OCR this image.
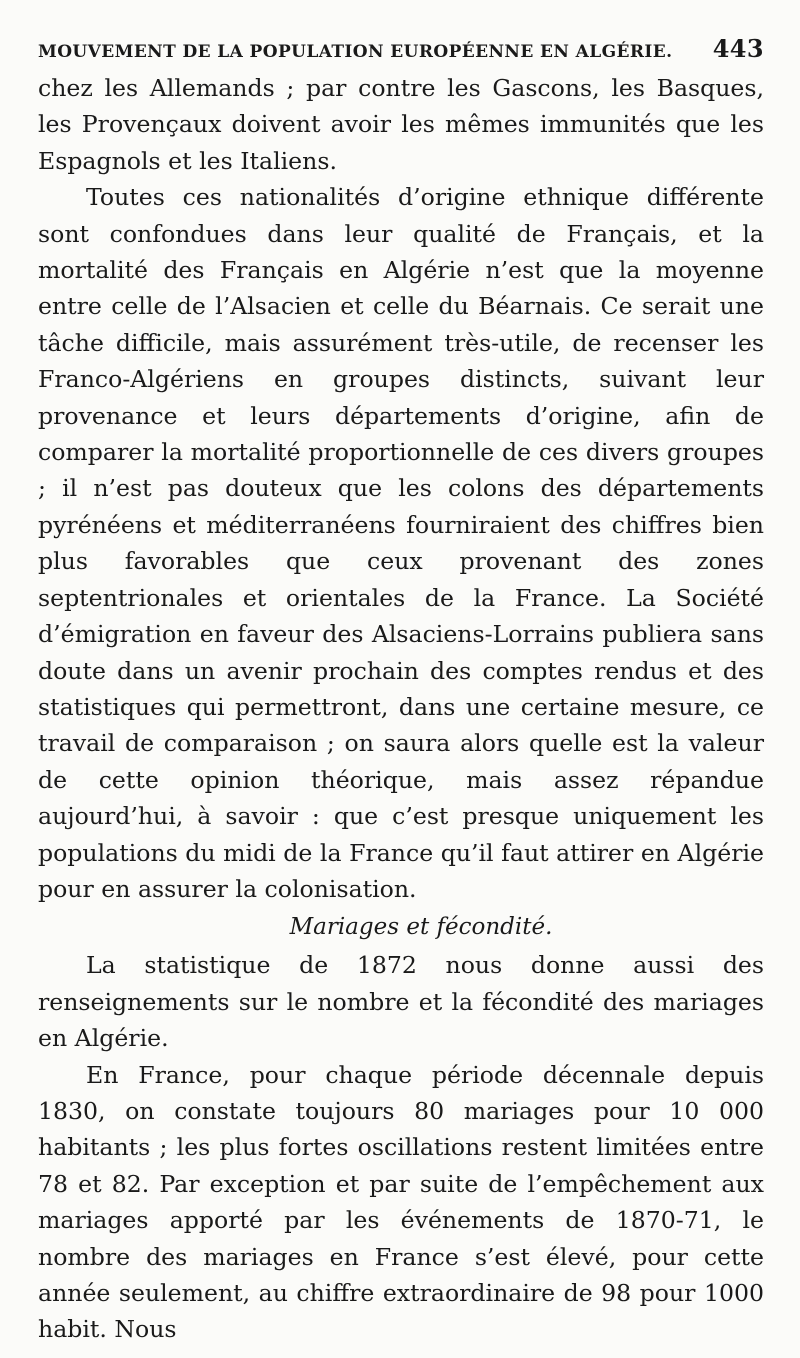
MOUVEMENT DE LA POPULATION EUROPÉENNE EN ALGÉRIE. 443

chez les Allemands ; par contre les Gascons, les Basques, les Provençaux doivent avoir les mêmes immunités que les Espagnols et les Italiens.

Toutes ces nationalités d’origine ethnique différente sont confondues dans leur qualité de Français, et la mortalité des Français en Algérie n’est que la moyenne entre celle de l’Alsacien et celle du Béarnais. Ce serait une tâche difficile, mais assurément très-utile, de recenser les Franco-Algériens en groupes distincts, suivant leur provenance et leurs départements d’origine, afin de comparer la mortalité proportionnelle de ces divers groupes ; il n’est pas douteux que les colons des départements pyrénéens et méditerranéens fourniraient des chiffres bien plus favorables que ceux provenant des zones septentrionales et orientales de la France. La Société d’émigration en faveur des Alsaciens-Lorrains publiera sans doute dans un avenir prochain des comptes rendus et des statistiques qui permettront, dans une certaine mesure, ce travail de comparaison ; on saura alors quelle est la valeur de cette opinion théorique, mais assez répandue aujourd’hui, à savoir : que c’est presque uniquement les populations du midi de la France qu’il faut attirer en Algérie pour en assurer la colonisation.

Mariages et fécondité.

La statistique de 1872 nous donne aussi des renseignements sur le nombre et la fécondité des mariages en Algérie.

En France, pour chaque période décennale depuis 1830, on constate toujours 80 mariages pour 10 000 habitants ; les plus fortes oscillations restent limitées entre 78 et 82. Par exception et par suite de l’empêchement aux mariages apporté par les événements de 1870-71, le nombre des mariages en France s’est élevé, pour cette année seulement, au chiffre extraordinaire de 98 pour 1000 habit. Nous
